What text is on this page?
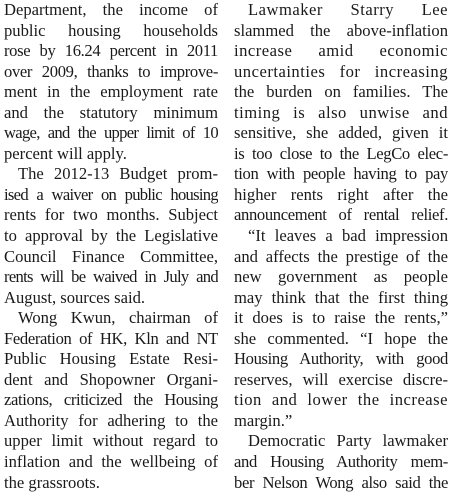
Department, the income of
public housing households
rose by 16.24 percent in 2011
over 2009, thanks to improve-
ment in the employment rate
and the statutory minimum
wage, and the upper limit of 10
percent will apply.
The 2012-13 Budget prom-
ised a waiver on public housing
rents for two months. Subject
to approval by the Legislative
Council Finance Committee,
rents will be waived in July and
August, sources said.
Wong Kwun, chairman of
Federation of HK, Kln and NT
Public Housing Estate Resi-
dent and Shopowner Organi-
zations, criticized the Housing
Authority for adhering to the
upper limit without regard to
inflation and the wellbeing of
the grassroots.
Lawmaker Starry Lee
slammed the above-inflation
increase amid economic
uncertainties for increasing
the burden on families. The
timing is also unwise and
sensitive, she added, given it
is too close to the LegCo elec-
tion with people having to pay
higher rents right after the
announcement of rental relief.
“It leaves a bad impression
and affects the prestige of the
new government as people
may think that the first thing
it does is to raise the rents,”
she commented. “I hope the
Housing Authority, with good
reserves, will exercise discre-
tion and lower the increase
margin.”
Democratic Party lawmaker
and Housing Authority mem-
ber Nelson Wong also said the
